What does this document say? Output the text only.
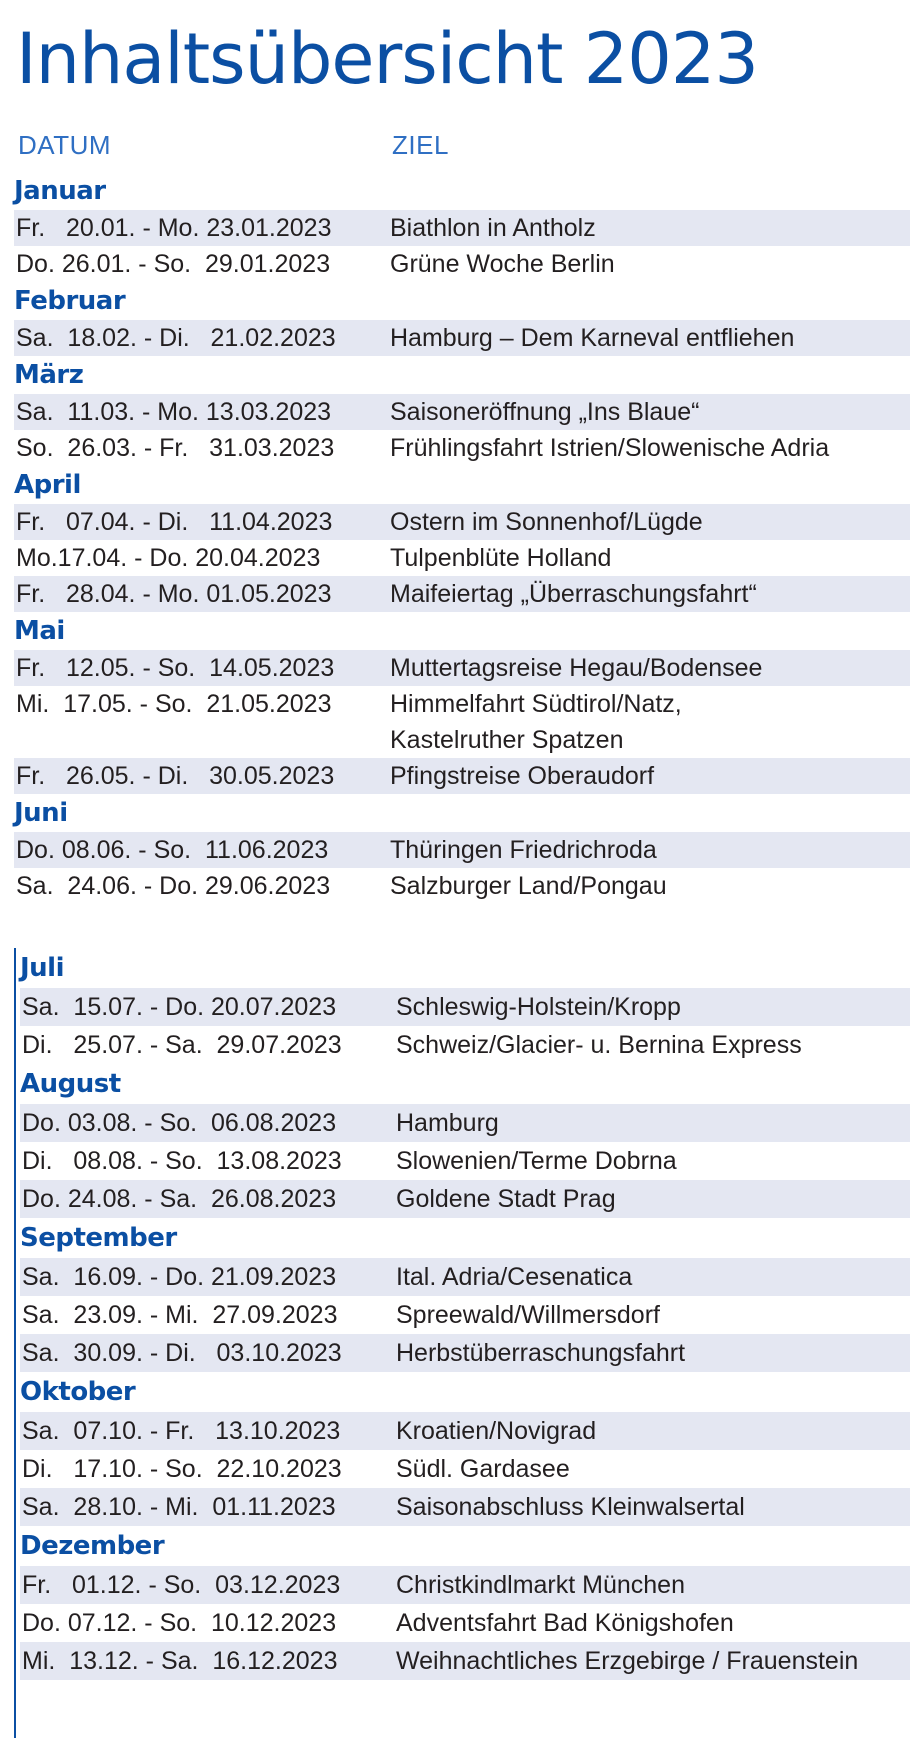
Inhaltsübersicht 2023
DATUM	ZIEL
Januar
Fr.   20.01. - Mo. 23.01.2023	Biathlon in Antholz
Do. 26.01. - So.  29.01.2023	Grüne Woche Berlin
Februar
Sa.  18.02. - Di.   21.02.2023	Hamburg – Dem Karneval entfliehen
März
Sa.  11.03. - Mo. 13.03.2023	Saisoneröffnung „Ins Blaue“
So.  26.03. - Fr.   31.03.2023	Frühlingsfahrt Istrien/Slowenische Adria
April
Fr.   07.04. - Di.   11.04.2023	Ostern im Sonnenhof/Lügde
Mo.17.04. - Do. 20.04.2023	Tulpenblüte Holland
Fr.   28.04. - Mo. 01.05.2023	Maifeiertag „Überraschungsfahrt“
Mai
Fr.   12.05. - So.  14.05.2023	Muttertagsreise Hegau/Bodensee
Mi.  17.05. - So.  21.05.2023	Himmelfahrt Südtirol/Natz,
Kastelruther Spatzen
Fr.   26.05. - Di.   30.05.2023	Pfingstreise Oberaudorf
Juni
Do. 08.06. - So.  11.06.2023	Thüringen Friedrichroda
Sa.  24.06. - Do. 29.06.2023	Salzburger Land/Pongau
Juli
Sa.  15.07. - Do. 20.07.2023	Schleswig-Holstein/Kropp
Di.   25.07. - Sa.  29.07.2023	Schweiz/Glacier- u. Bernina Express
August
Do. 03.08. - So.  06.08.2023	Hamburg
Di.   08.08. - So.  13.08.2023	Slowenien/Terme Dobrna
Do. 24.08. - Sa.  26.08.2023	Goldene Stadt Prag
September
Sa.  16.09. - Do. 21.09.2023	Ital. Adria/Cesenatica
Sa.  23.09. - Mi.  27.09.2023	Spreewald/Willmersdorf
Sa.  30.09. - Di.   03.10.2023	Herbstüberraschungsfahrt
Oktober
Sa.  07.10. - Fr.   13.10.2023	Kroatien/Novigrad
Di.   17.10. - So.  22.10.2023	Südl. Gardasee
Sa.  28.10. - Mi.  01.11.2023	Saisonabschluss Kleinwalsertal
Dezember
Fr.   01.12. - So.  03.12.2023	Christkindlmarkt München
Do. 07.12. - So.  10.12.2023	Adventsfahrt Bad Königshofen
Mi.  13.12. - Sa.  16.12.2023	Weihnachtliches Erzgebirge / Frauenstein
